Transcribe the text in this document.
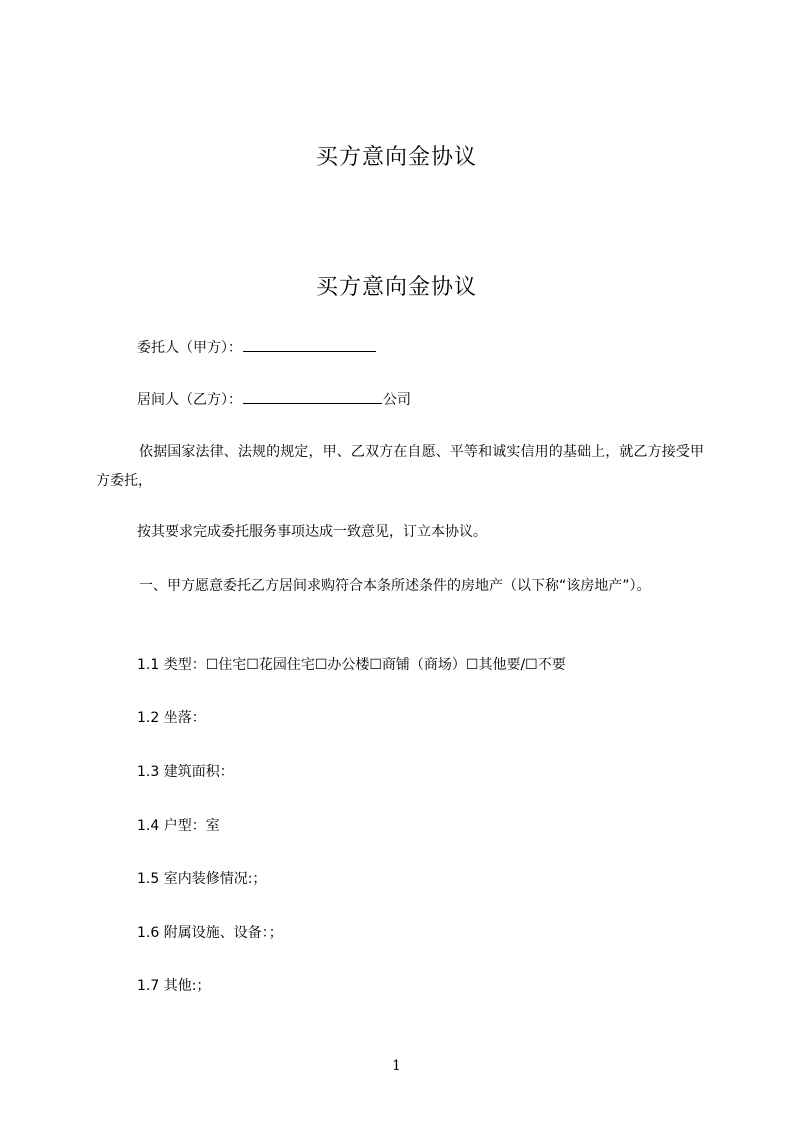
买方意向金协议
买方意向金协议
委托人（甲方）：
居间人（乙方）：	公司
依据国家法律、法规的规定，甲、乙双方在自愿、平等和诚实信用的基础上，就乙方接受甲方委托，
按其要求完成委托服务事项达成一致意见，订立本协议。
一、甲方愿意委托乙方居间求购符合本条所述条件的房地产（以下称“该房地产”）。
1.1 类型：☐住宅☐花园住宅☐办公楼☐商铺（商场）☐其他要/☐不要
1.2 坐落：
1.3 建筑面积：
1.4 户型：室
1.5 室内装修情况:；
1.6 附属设施、设备：；
1.7 其他:；
1
